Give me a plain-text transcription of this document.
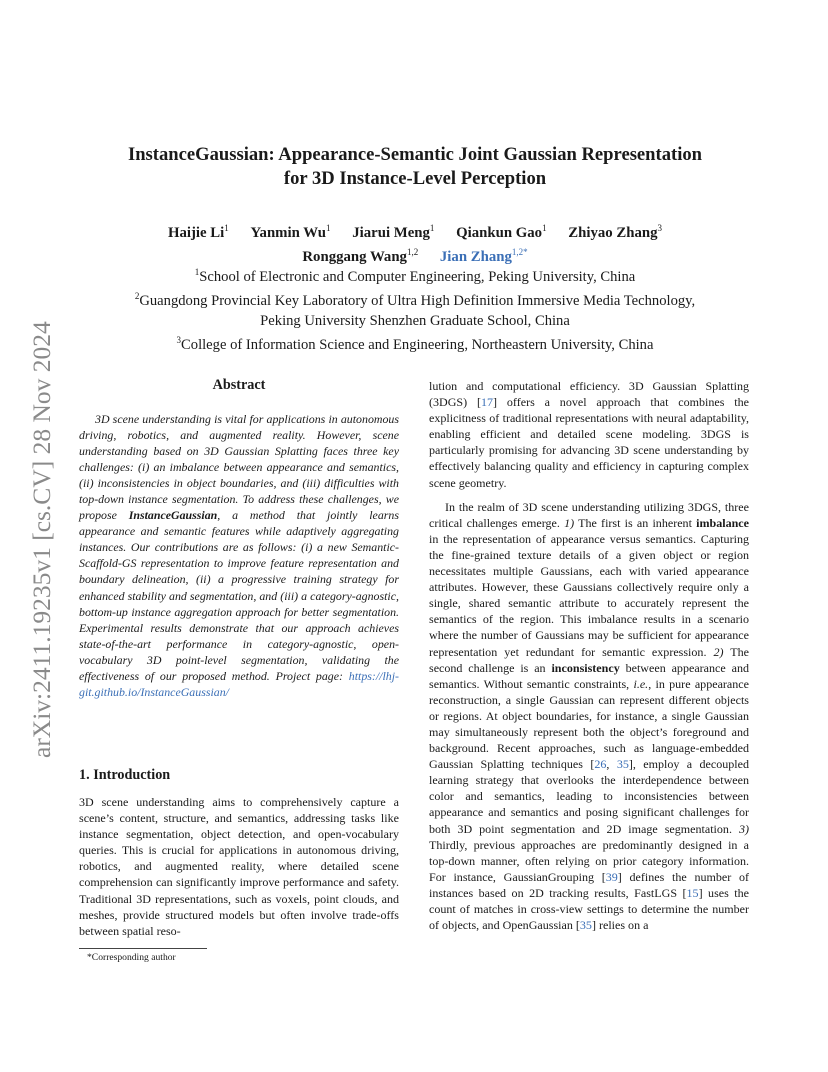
arXiv:2411.19235v1 [cs.CV] 28 Nov 2024
InstanceGaussian: Appearance-Semantic Joint Gaussian Representation
for 3D Instance-Level Perception
Haijie Li$^1$ Yanmin Wu$^1$ Jiarui Meng$^1$ Qiankun Gao$^1$ Zhiyao Zhang$^3$
Ronggang Wang$^{1,2}$ Jian Zhang$^{1,2*}$
$^1$School of Electronic and Computer Engineering, Peking University, China
$^2$Guangdong Provincial Key Laboratory of Ultra High Definition Immersive Media Technology,
Peking University Shenzhen Graduate School, China
$^3$College of Information Science and Engineering, Northeastern University, China
Abstract

3D scene understanding is vital for applications in autonomous driving, robotics, and augmented reality. However, scene understanding based on 3D Gaussian Splatting faces three key challenges: (i) an imbalance between appearance and semantics, (ii) inconsistencies in object boundaries, and (iii) difficulties with top-down instance segmentation. To address these challenges, we propose InstanceGaussian, a method that jointly learns appearance and semantic features while adaptively aggregating instances. Our contributions are as follows: (i) a new Semantic-Scaffold-GS representation to improve feature representation and boundary delineation, (ii) a progressive training strategy for enhanced stability and segmentation, and (iii) a category-agnostic, bottom-up instance aggregation approach for better segmentation. Experimental results demonstrate that our approach achieves state-of-the-art performance in category-agnostic, open-vocabulary 3D point-level segmentation, validating the effectiveness of our proposed method. Project page: https://lhj-git.github.io/InstanceGaussian/

1. Introduction

3D scene understanding aims to comprehensively capture a scene’s content, structure, and semantics, addressing tasks like instance segmentation, object detection, and open-vocabulary queries. This is crucial for applications in autonomous driving, robotics, and augmented reality, where detailed scene comprehension can significantly improve performance and safety. Traditional 3D representations, such as voxels, point clouds, and meshes, provide structured models but often involve trade-offs between spatial reso-

*Corresponding author

lution and computational efficiency. 3D Gaussian Splatting (3DGS) [17] offers a novel approach that combines the explicitness of traditional representations with neural adaptability, enabling efficient and detailed scene modeling. 3DGS is particularly promising for advancing 3D scene understanding by effectively balancing quality and efficiency in capturing complex scene geometry.

In the realm of 3D scene understanding utilizing 3DGS, three critical challenges emerge. 1) The first is an inherent imbalance in the representation of appearance versus semantics. Capturing the fine-grained texture details of a given object or region necessitates multiple Gaussians, each with varied appearance attributes. However, these Gaussians collectively require only a single, shared semantic attribute to accurately represent the semantics of the region. This imbalance results in a scenario where the number of Gaussians may be sufficient for appearance representation yet redundant for semantic expression. 2) The second challenge is an inconsistency between appearance and semantics. Without semantic constraints, i.e., in pure appearance reconstruction, a single Gaussian can represent different objects or regions. At object boundaries, for instance, a single Gaussian may simultaneously represent both the object’s foreground and background. Recent approaches, such as language-embedded Gaussian Splatting techniques [26, 35], employ a decoupled learning strategy that overlooks the interdependence between color and semantics, leading to inconsistencies between appearance and semantics and posing significant challenges for both 3D point segmentation and 2D image segmentation. 3) Thirdly, previous approaches are predominantly designed in a top-down manner, often relying on prior category information. For instance, GaussianGrouping [39] defines the number of instances based on 2D tracking results, FastLGS [15] uses the count of matches in cross-view settings to determine the number of objects, and OpenGaussian [35] relies on a
